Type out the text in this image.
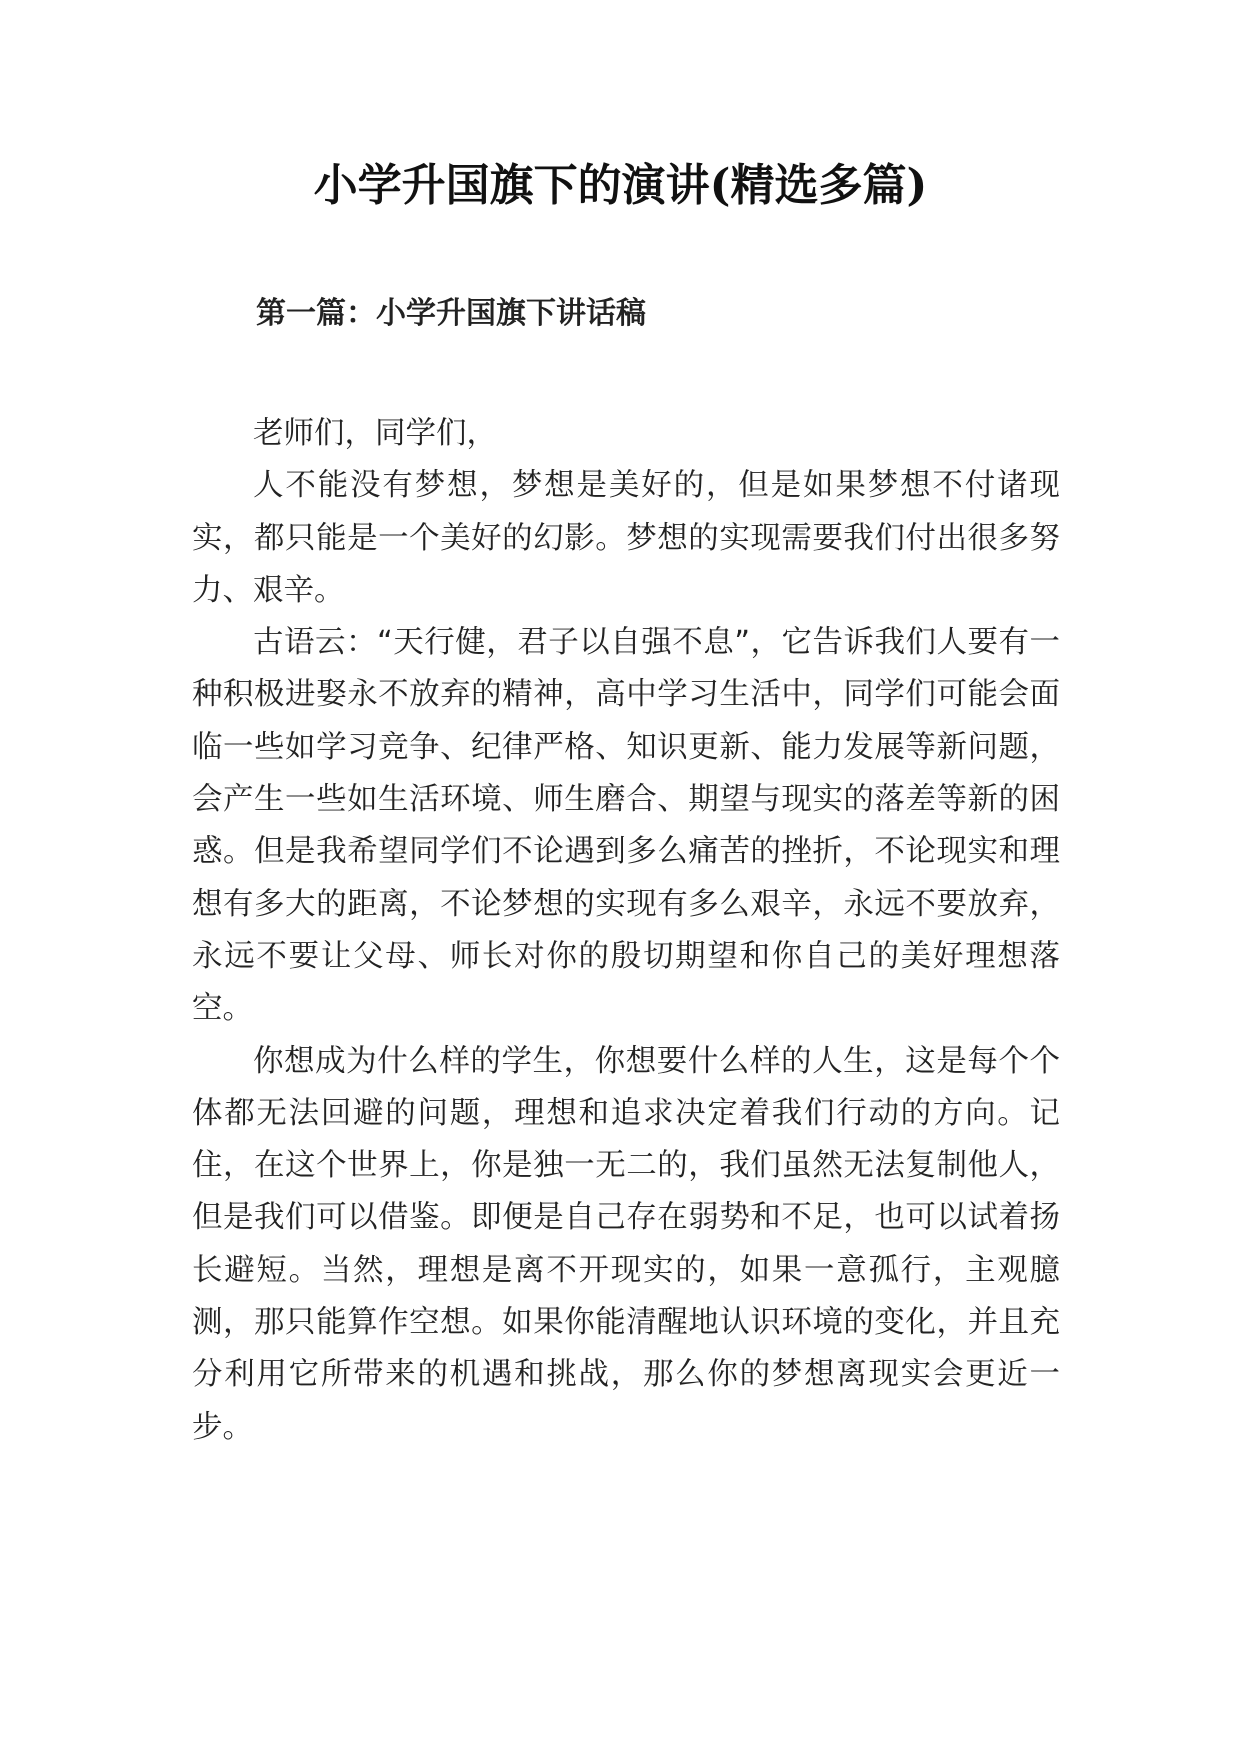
小学升国旗下的演讲(精选多篇)
第一篇：小学升国旗下讲话稿

老师们，同学们，

人不能没有梦想，梦想是美好的，但是如果梦想不付诸现实，都只能是一个美好的幻影。梦想的实现需要我们付出很多努力、艰辛。

古语云：“天行健，君子以自强不息”，它告诉我们人要有一种积极进娶永不放弃的精神，高中学习生活中，同学们可能会面临一些如学习竞争、纪律严格、知识更新、能力发展等新问题，会产生一些如生活环境、师生磨合、期望与现实的落差等新的困惑。但是我希望同学们不论遇到多么痛苦的挫折，不论现实和理想有多大的距离，不论梦想的实现有多么艰辛，永远不要放弃，永远不要让父母、师长对你的殷切期望和你自己的美好理想落空。

你想成为什么样的学生，你想要什么样的人生，这是每个个体都无法回避的问题，理想和追求决定着我们行动的方向。记住，在这个世界上，你是独一无二的，我们虽然无法复制他人，但是我们可以借鉴。即便是自己存在弱势和不足，也可以试着扬长避短。当然，理想是离不开现实的，如果一意孤行，主观臆测，那只能算作空想。如果你能清醒地认识环境的变化，并且充分利用它所带来的机遇和挑战，那么你的梦想离现实会更近一步。
